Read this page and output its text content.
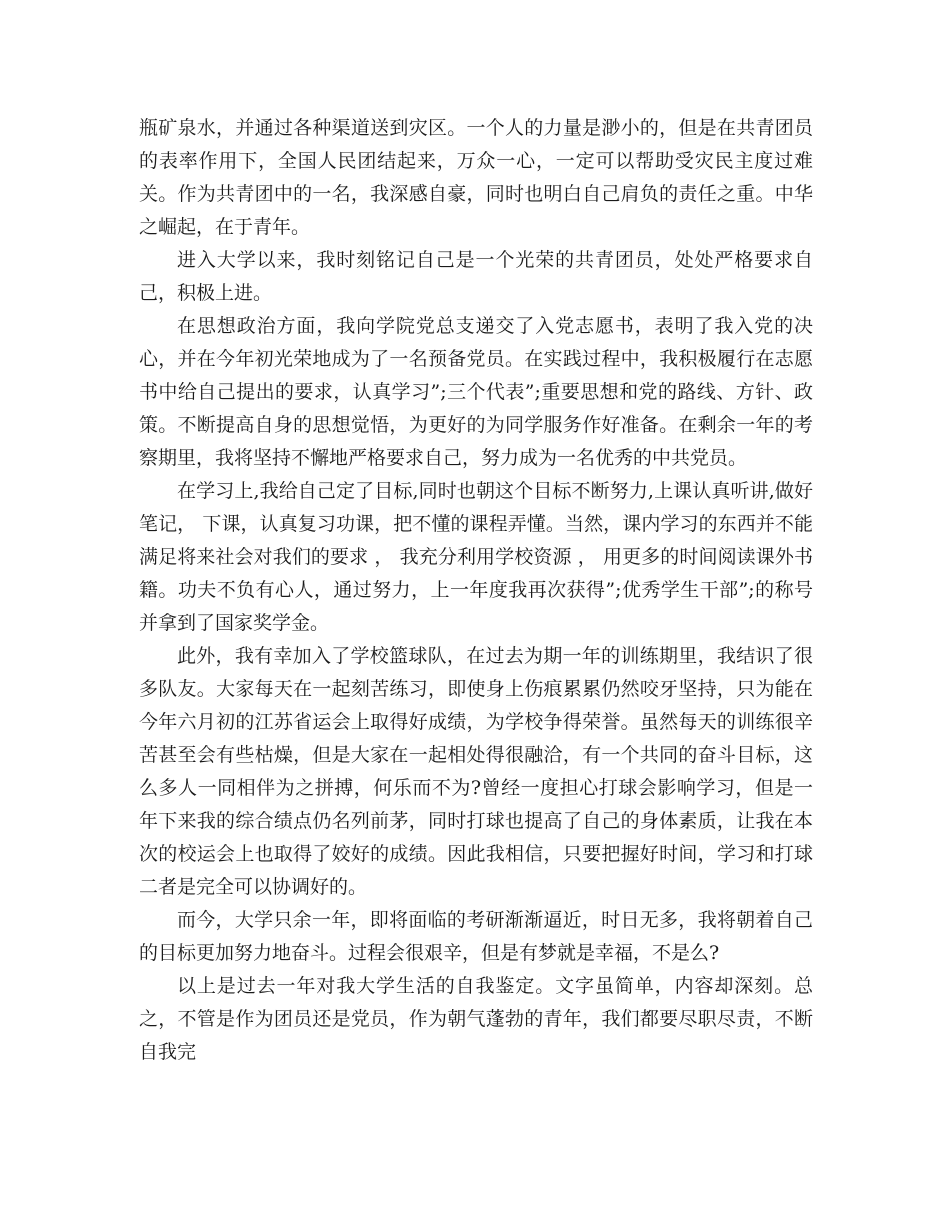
瓶矿泉水，并通过各种渠道送到灾区。一个人的力量是渺小的，但是在共青团员的表率作用下，全国人民团结起来，万众一心，一定可以帮助受灾民主度过难关。作为共青团中的一名，我深感自豪，同时也明白自己肩负的责任之重。中华之崛起，在于青年。

进入大学以来，我时刻铭记自己是一个光荣的共青团员，处处严格要求自己，积极上进。

在思想政治方面，我向学院党总支递交了入党志愿书，表明了我入党的决心，并在今年初光荣地成为了一名预备党员。在实践过程中，我积极履行在志愿书中给自己提出的要求，认真学习”;三个代表”;重要思想和党的路线、方针、政策。不断提高自身的思想觉悟，为更好的为同学服务作好准备。在剩余一年的考察期里，我将坚持不懈地严格要求自己，努力成为一名优秀的中共党员。

在学习上,我给自己定了目标,同时也朝这个目标不断努力,上课认真听讲,做好笔记， 下课，认真复习功课，把不懂的课程弄懂。当然，课内学习的东西并不能满足将来社会对我们的要求 ， 我充分利用学校资源 ， 用更多的时间阅读课外书籍。功夫不负有心人，通过努力，上一年度我再次获得”;优秀学生干部”;的称号并拿到了国家奖学金。

此外，我有幸加入了学校篮球队，在过去为期一年的训练期里，我结识了很多队友。大家每天在一起刻苦练习，即使身上伤痕累累仍然咬牙坚持，只为能在今年六月初的江苏省运会上取得好成绩，为学校争得荣誉。虽然每天的训练很辛苦甚至会有些枯燥，但是大家在一起相处得很融洽，有一个共同的奋斗目标，这么多人一同相伴为之拼搏，何乐而不为?曾经一度担心打球会影响学习，但是一年下来我的综合绩点仍名列前茅，同时打球也提高了自己的身体素质，让我在本次的校运会上也取得了姣好的成绩。因此我相信，只要把握好时间，学习和打球二者是完全可以协调好的。

而今，大学只余一年，即将面临的考研渐渐逼近，时日无多，我将朝着自己的目标更加努力地奋斗。过程会很艰辛，但是有梦就是幸福，不是么?

以上是过去一年对我大学生活的自我鉴定。文字虽简单，内容却深刻。总之，不管是作为团员还是党员，作为朝气蓬勃的青年，我们都要尽职尽责，不断自我完
